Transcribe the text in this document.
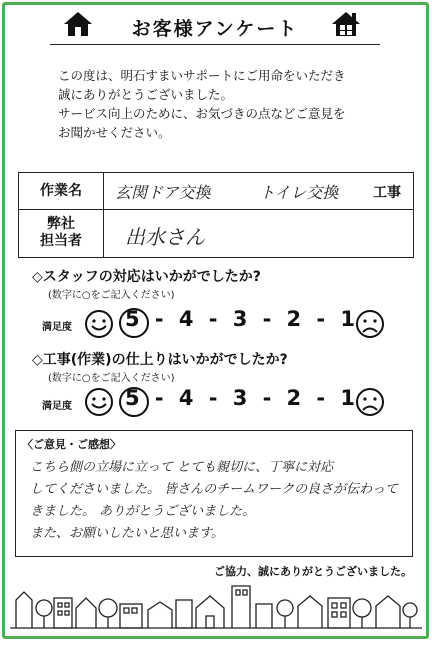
お客様アンケート
この度は、明石すまいサポートにご用命をいただき
誠にありがとうございました。
サービス向上のために、お気づきの点などご意見を
お聞かせください。
作業名	玄関ドア交換	トイレ交換 工事
弊社
担当者 出水さん
◇スタッフの対応はいかがでしたか?
(数字に○をご記入ください)
満足度	5 - 4 - 3 - 2 - 1
◇工事(作業)の仕上りはいかがでしたか?
(数字に○をご記入ください)
満足度	5 - 4 - 3 - 2 - 1
〈ご意見・ご感想〉
こちら側の立場に立って とても親切に、丁寧に対応
してくださいました。 皆さんのチームワークの良さが伝わって
きました。 ありがとうございました。
また、お願いしたいと思います。
ご協力、誠にありがとうございました。
